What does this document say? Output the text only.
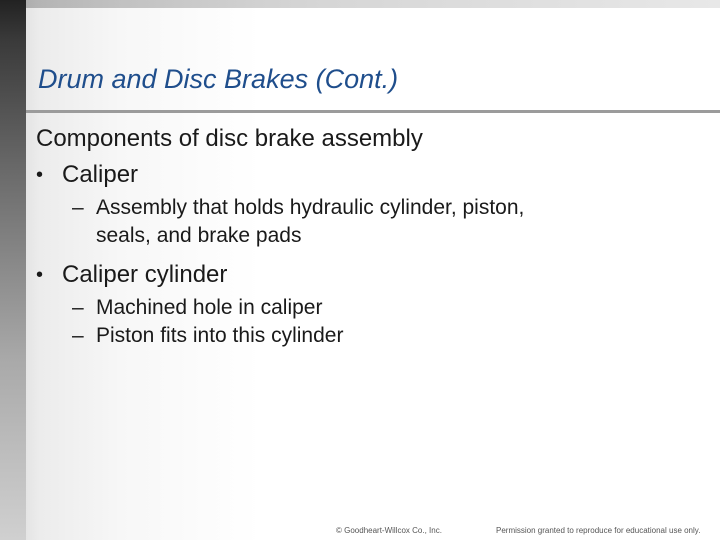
Drum and Disc Brakes (Cont.)

Components of disc brake assembly

• Caliper
– Assembly that holds hydraulic cylinder, piston,
seals, and brake pads
• Caliper cylinder
– Machined hole in caliper
– Piston fits into this cylinder
© Goodheart-Willcox Co., Inc.	Permission granted to reproduce for educational use only.
